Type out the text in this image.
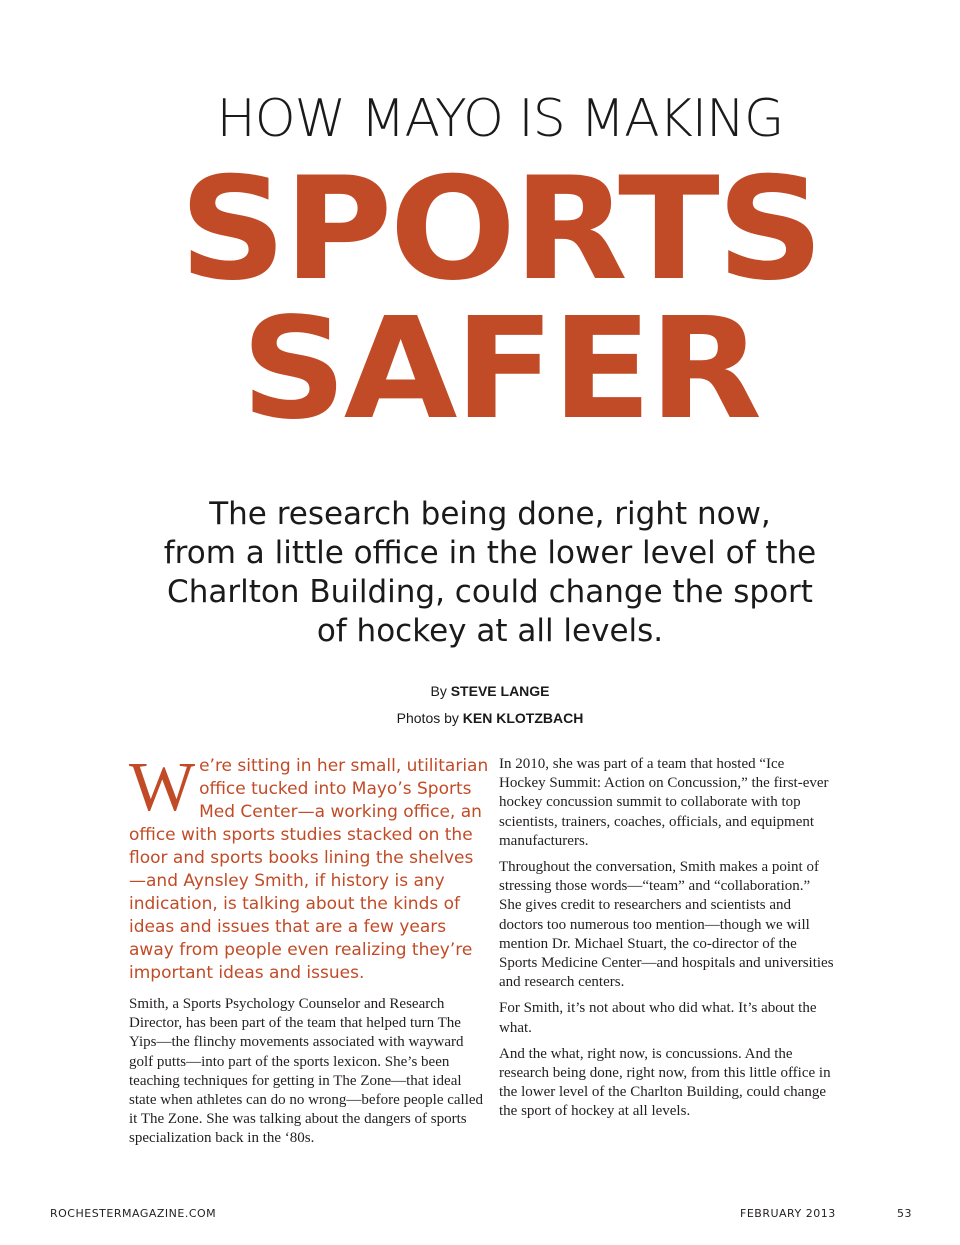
HOW MAYO IS MAKING
SPORTS
SAFER
The research being done, right now,
from a little office in the lower level of the
Charlton Building, could change the sport
of hockey at all levels.
By STEVE LANGE
Photos by KEN KLOTZBACH

We’re sitting in her small, utilitarian office tucked into Mayo’s Sports Med Center—a working office, an office with sports studies stacked on the floor and sports books lining the shelves—and Aynsley Smith, if history is any indication, is talking about the kinds of ideas and issues that are a few years away from people even realizing they’re important ideas and issues.

Smith, a Sports Psychology Counselor and Research Director, has been part of the team that helped turn The Yips—the flinchy movements associated with wayward golf putts—into part of the sports lexicon. She’s been teaching techniques for getting in The Zone—that ideal state when athletes can do no wrong—before people called it The Zone. She was talking about the dangers of sports specialization back in the ‘80s.

In 2010, she was part of a team that hosted “Ice Hockey Summit: Action on Concussion,” the first-ever hockey concussion summit to collaborate with top scientists, trainers, coaches, officials, and equipment manufacturers.

Throughout the conversation, Smith makes a point of stressing those words—“team” and “collaboration.” She gives credit to researchers and scientists and doctors too numerous too mention—though we will mention Dr. Michael Stuart, the co-director of the Sports Medicine Center—and hospitals and universities and research centers.

For Smith, it’s not about who did what. It’s about the what.

And the what, right now, is concussions. And the research being done, right now, from this little office in the lower level of the Charlton Building, could change the sport of hockey at all levels.

ROCHESTERMAGAZINE.COM	FEBRUARY 2013	53
